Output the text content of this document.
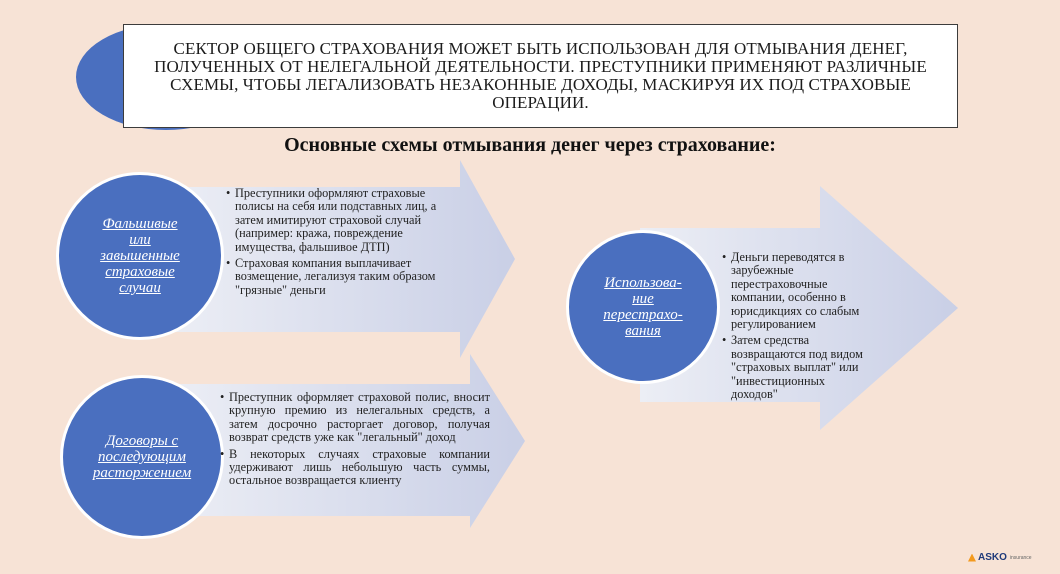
СЕКТОР ОБЩЕГО СТРАХОВАНИЯ МОЖЕТ БЫТЬ ИСПОЛЬЗОВАН ДЛЯ ОТМЫВАНИЯ ДЕНЕГ, ПОЛУЧЕННЫХ ОТ НЕЛЕГАЛЬНОЙ ДЕЯТЕЛЬНОСТИ. ПРЕСТУПНИКИ ПРИМЕНЯЮТ РАЗЛИЧНЫЕ СХЕМЫ, ЧТОБЫ ЛЕГАЛИЗОВАТЬ НЕЗАКОННЫЕ ДОХОДЫ, МАСКИРУЯ ИХ ПОД СТРАХОВЫЕ ОПЕРАЦИИ.
Основные схемы отмывания денег через страхование:
Фальшивые или завышенные страховые случаи
Договоры с последующим расторжением
Использова-ние перестрахо-вания
• Преступники оформляют страховые полисы на себя или подставных лиц, а затем имитируют страховой случай (например: кража, повреждение имущества, фальшивое ДТП)
• Страховая компания выплачивает возмещение, легализуя таким образом "грязные" деньги
• Преступник оформляет страховой полис, вносит крупную премию из нелегальных средств, а затем досрочно расторгает договор, получая возврат средств уже как "легальный" доход
• В некоторых случаях страховые компании удерживают лишь небольшую часть суммы, остальное возвращается клиенту
• Деньги переводятся в зарубежные перестраховочные компании, особенно в юрисдикциях со слабым регулированием
• Затем средства возвращаются под видом "страховых выплат" или "инвестиционных доходов"
ASKO insurance
